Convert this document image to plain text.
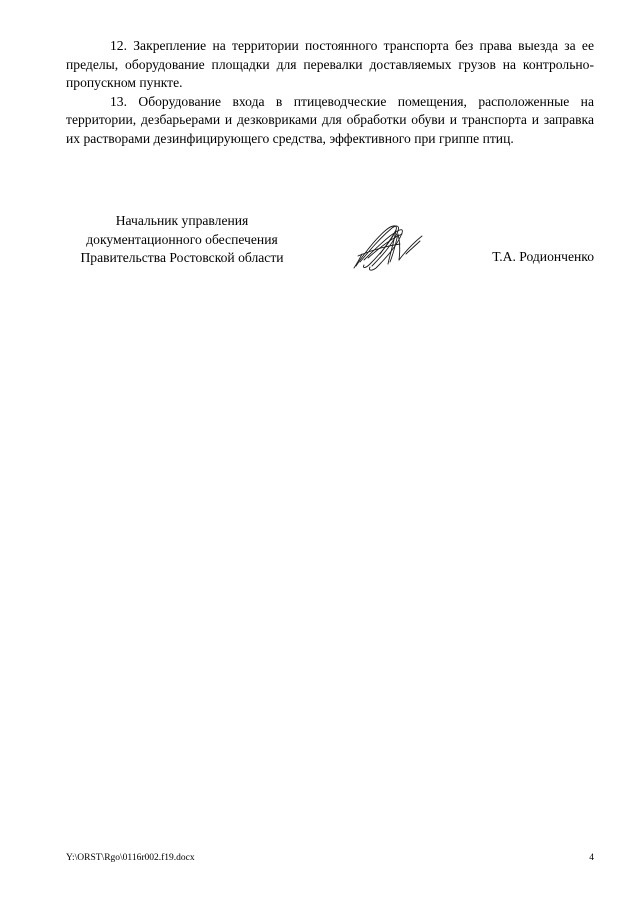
12. Закрепление на территории постоянного транспорта без права выезда за ее пределы, оборудование площадки для перевалки доставляемых грузов на контрольно-пропускном пункте.

13. Оборудование входа в птицеводческие помещения, расположенные на территории, дезбарьерами и дезковриками для обработки обуви и транспорта и заправка их растворами дезинфицирующего средства, эффективного при гриппе птиц.

Начальник управления
документационного обеспечения
Правительства Ростовской области	Т.А. Родионченко
Y:\ORST\Rgo\0116r002.f19.docx	4
